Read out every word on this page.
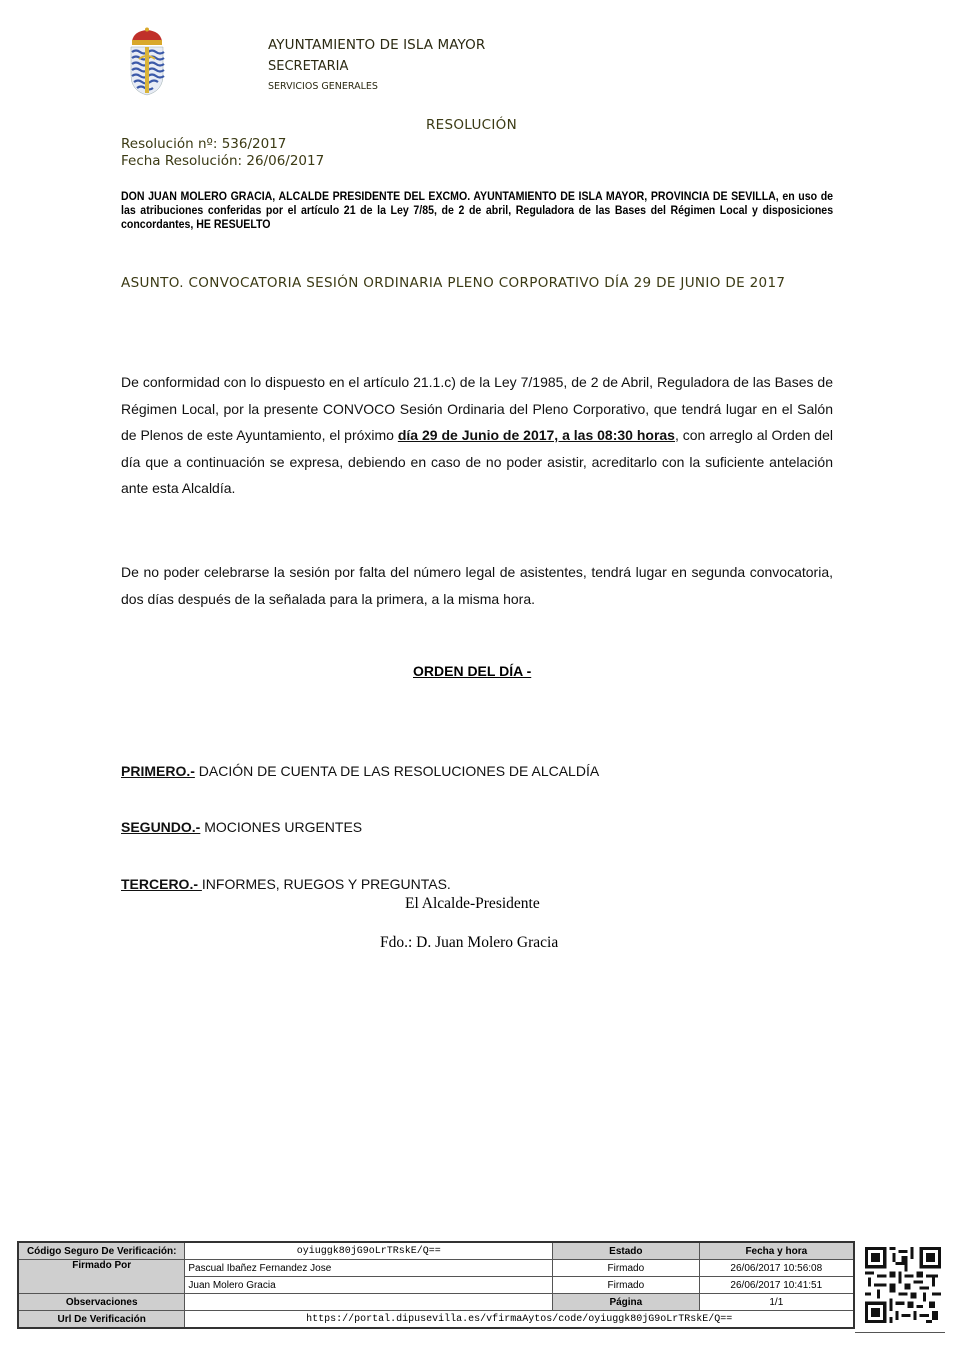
AYUNTAMIENTO DE ISLA MAYOR
SECRETARIA
SERVICIOS GENERALES
RESOLUCIÓN
Resolución nº: 536/2017
Fecha Resolución: 26/06/2017
DON JUAN MOLERO GRACIA, ALCALDE PRESIDENTE DEL EXCMO. AYUNTAMIENTO DE ISLA MAYOR, PROVINCIA DE SEVILLA, en uso de las atribuciones conferidas por el artículo 21 de la Ley 7/85, de 2 de abril, Reguladora de las Bases del Régimen Local y disposiciones concordantes, HE RESUELTO
ASUNTO. CONVOCATORIA SESIÓN ORDINARIA PLENO CORPORATIVO DÍA 29 DE JUNIO DE 2017
De conformidad con lo dispuesto en el artículo 21.1.c) de la Ley 7/1985, de 2 de Abril, Reguladora de las Bases de Régimen Local, por la presente CONVOCO Sesión Ordinaria del Pleno Corporativo, que tendrá lugar en el Salón de Plenos de este Ayuntamiento, el próximo día 29 de Junio de 2017, a las 08:30 horas, con arreglo al Orden del día que a continuación se expresa, debiendo en caso de no poder asistir, acreditarlo con la suficiente antelación ante esta Alcaldía.
De no poder celebrarse la sesión por falta del número legal de asistentes, tendrá lugar en segunda convocatoria, dos días después de la señalada para la primera, a la misma hora.
ORDEN DEL DÍA -
PRIMERO.- DACIÓN DE CUENTA DE LAS RESOLUCIONES DE ALCALDÍA
SEGUNDO.- MOCIONES URGENTES
TERCERO.- INFORMES, RUEGOS Y PREGUNTAS.
El Alcalde-Presidente
Fdo.: D. Juan Molero Gracia
Código Seguro De Verificación:	oyiuggk80jG9oLrTRskE/Q==	Estado	Fecha y hora
Firmado Por	Pascual Ibañez Fernandez Jose	Firmado	26/06/2017 10:56:08
	Juan Molero Gracia	Firmado	26/06/2017 10:41:51
Observaciones		Página	1/1
Url De Verificación	https://portal.dipusevilla.es/vfirmaAytos/code/oyiuggk80jG9oLrTRskE/Q==		
